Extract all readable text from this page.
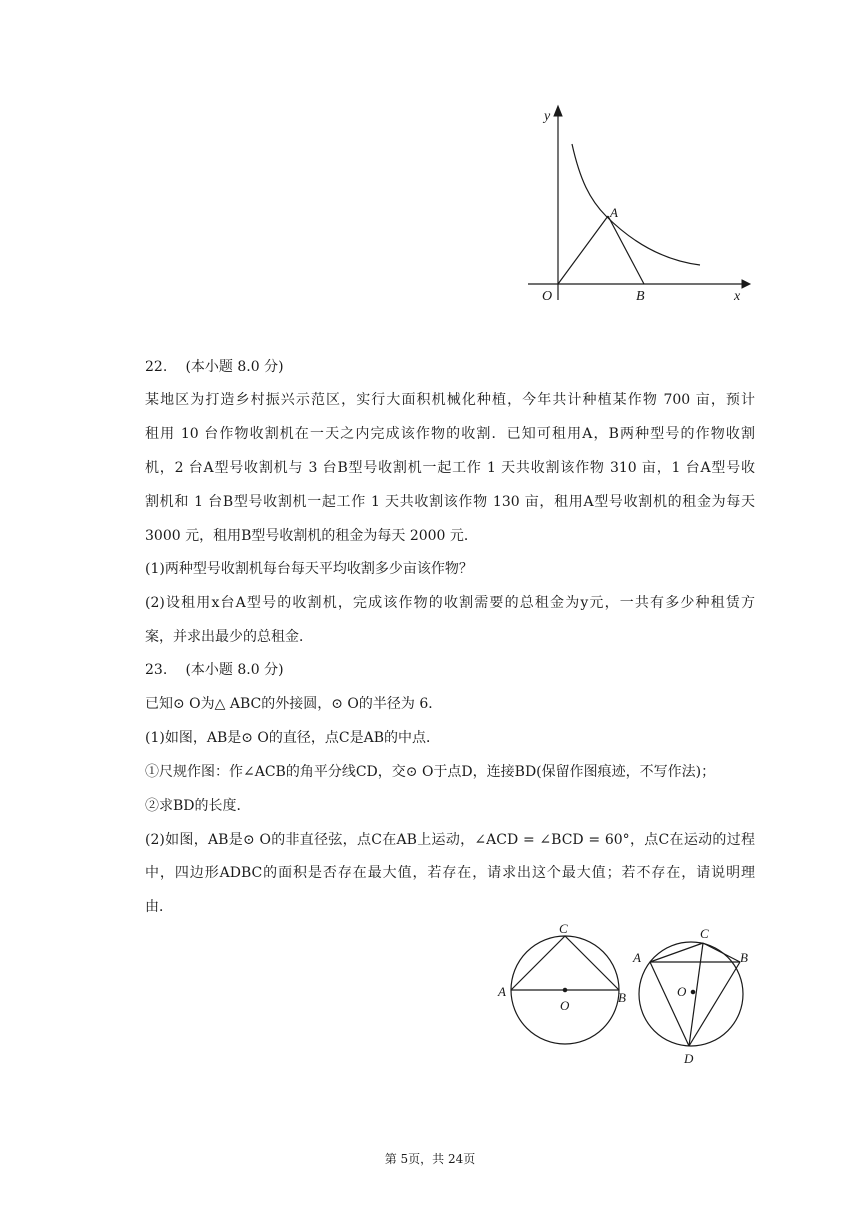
y
x
O
A
B
22. (本小题 8.0 分)
某地区为打造乡村振兴示范区，实行大面积机械化种植，今年共计种植某作物 700 亩，预计
租用 10 台作物收割机在一天之内完成该作物的收割．已知可租用A，B两种型号的作物收割
机，2 台A型号收割机与 3 台B型号收割机一起工作 1 天共收割该作物 310 亩，1 台A型号收
割机和 1 台B型号收割机一起工作 1 天共收割该作物 130 亩，租用A型号收割机的租金为每天
3000 元，租用B型号收割机的租金为每天 2000 元．
(1)两种型号收割机每台每天平均收割多少亩该作物？
(2)设租用x台A型号的收割机，完成该作物的收割需要的总租金为y元，一共有多少种租赁方
案，并求出最少的总租金．
23. (本小题 8.0 分)
已知⊙ O为△ ABC的外接圆，⊙ O的半径为 6．
(1)如图，AB是⊙ O的直径，点C是AB的中点．
①尺规作图：作∠ACB的角平分线CD，交⊙ O于点D，连接BD(保留作图痕迹，不写作法)；
②求BD的长度．
(2)如图，AB是⊙ O的非直径弦，点C在AB上运动，∠ACD = ∠BCD = 60°，点C在运动的过程
中，四边形ADBC的面积是否存在最大值，若存在，请求出这个最大值；若不存在，请说明理
由．
C
A	B
O
C
A	B
O
D
第 5页，共 24页
